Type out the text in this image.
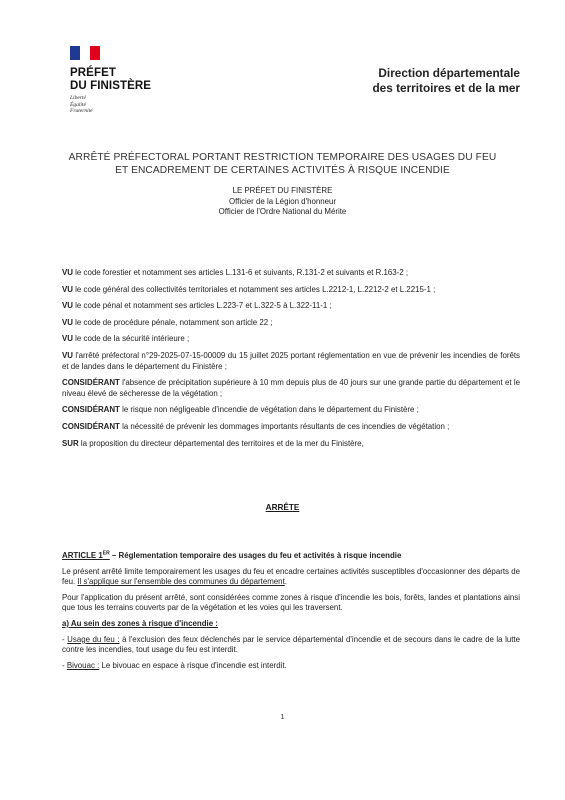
PRÉFET
DU FINISTÈRE
Liberté
Égalité
Fraternité
Direction départementale
des territoires et de la mer
ARRÊTÉ PRÉFECTORAL PORTANT RESTRICTION TEMPORAIRE DES USAGES DU FEU
ET ENCADREMENT DE CERTAINES ACTIVITÉS À RISQUE INCENDIE
LE PRÉFET DU FINISTÈRE
Officier de la Légion d'honneur
Officier de l'Ordre National du Mérite

VU le code forestier et notamment ses articles L.131-6 et suivants, R.131-2 et suivants et R.163-2 ;

VU le code général des collectivités territoriales et notamment ses articles L.2212-1, L.2212-2 et L.2215-1 ;

VU le code pénal et notamment ses articles L.223-7 et L.322-5 à L.322-11-1 ;

VU le code de procédure pénale, notamment son article 22 ;

VU le code de la sécurité intérieure ;

VU l'arrêté préfectoral n°29-2025-07-15-00009 du 15 juillet 2025 portant réglementation en vue de prévenir les incendies de forêts et de landes dans le département du Finistère ;

CONSIDÉRANT l'absence de précipitation supérieure à 10 mm depuis plus de 40 jours sur une grande partie du département et le niveau élevé de sécheresse de la végétation ;

CONSIDÉRANT le risque non négligeable d'incendie de végétation dans le département du Finistère ;

CONSIDÉRANT la nécessité de prévenir les dommages importants résultants de ces incendies de végétation ;

SUR la proposition du directeur départemental des territoires et de la mer du Finistère,

ARRÊTE

ARTICLE 1ER – Réglementation temporaire des usages du feu et activités à risque incendie

Le présent arrêté limite temporairement les usages du feu et encadre certaines activités susceptibles d'occasionner des départs de feu. Il s'applique sur l'ensemble des communes du département.

Pour l'application du présent arrêté, sont considérées comme zones à risque d'incendie les bois, forêts, landes et plantations ainsi que tous les terrains couverts par de la végétation et les voies qui les traversent.

a) Au sein des zones à risque d'incendie :

- Usage du feu : à l'exclusion des feux déclenchés par le service départemental d'incendie et de secours dans le cadre de la lutte contre les incendies, tout usage du feu est interdit.

- Bivouac : Le bivouac en espace à risque d'incendie est interdit.

1
